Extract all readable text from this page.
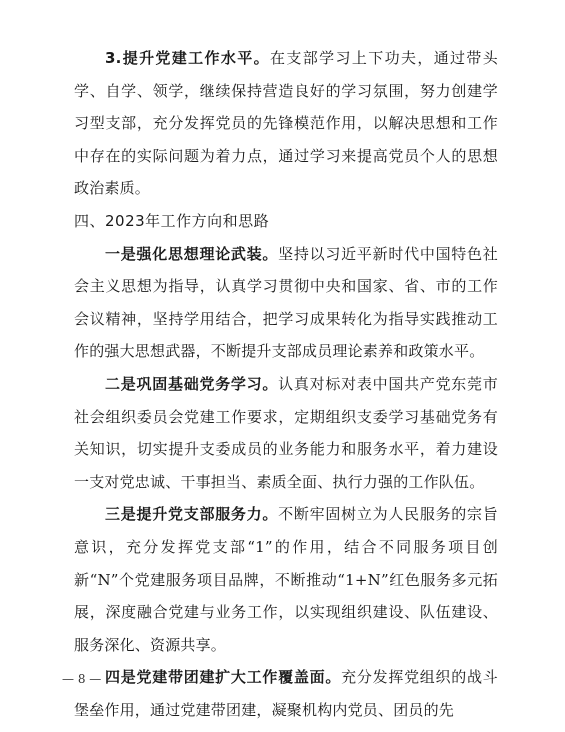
3.提升党建工作水平。在支部学习上下功夫，通过带头学、自学、领学，继续保持营造良好的学习氛围，努力创建学习型支部，充分发挥党员的先锋模范作用，以解决思想和工作中存在的实际问题为着力点，通过学习来提高党员个人的思想政治素质。

四、2023年工作方向和思路

一是强化思想理论武装。坚持以习近平新时代中国特色社会主义思想为指导，认真学习贯彻中央和国家、省、市的工作会议精神，坚持学用结合，把学习成果转化为指导实践推动工作的强大思想武器，不断提升支部成员理论素养和政策水平。

二是巩固基础党务学习。认真对标对表中国共产党东莞市社会组织委员会党建工作要求，定期组织支委学习基础党务有关知识，切实提升支委成员的业务能力和服务水平，着力建设一支对党忠诚、干事担当、素质全面、执行力强的工作队伍。

三是提升党支部服务力。不断牢固树立为人民服务的宗旨意识，充分发挥党支部“1”的作用，结合不同服务项目创新“N”个党建服务项目品牌，不断推动“1+N”红色服务多元拓展，深度融合党建与业务工作，以实现组织建设、队伍建设、服务深化、资源共享。

四是党建带团建扩大工作覆盖面。充分发挥党组织的战斗堡垒作用，通过党建带团建，凝聚机构内党员、团员的先

— 8 —
